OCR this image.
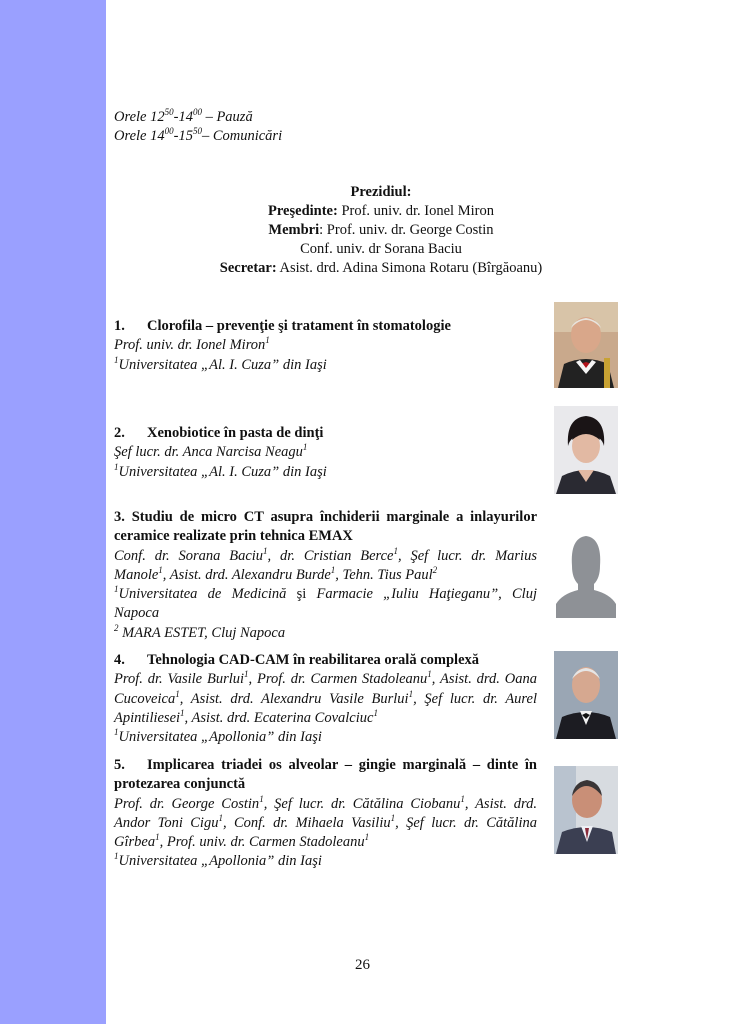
Orele $12^{50}-14^{00}$ – Pauză
Orele $14^{00}-15^{50}-$ Comunicări
Prezidiul:
Preşedinte: Prof. univ. dr. Ionel Miron
Membri: Prof. univ. dr. George Costin
Conf. univ. dr Sorana Baciu
Secretar: Asist. drd. Adina Simona Rotaru (Bîrgăoanu)
1. Clorofila – prevenţie şi tratament în stomatologie
Prof. univ. dr. Ionel Miron$^1$
$^1$Universitatea „Al. I. Cuza” din Iaşi
2. Xenobiotice în pasta de dinţi
Şef lucr. dr. Anca Narcisa Neagu$^1$
$^1$Universitatea „Al. I. Cuza” din Iaşi
3. Studiu de micro CT asupra închiderii marginale a inlayurilor ceramice realizate prin tehnica EMAX
Conf. dr. Sorana Baciu$^1$, dr. Cristian Berce$^1$, Şef lucr. dr. Marius Manole$^1$, Asist. drd. Alexandru Burde$^1$, Tehn. Tius Paul$^2$
$^1$Universitatea de Medicină şi Farmacie „Iuliu Haţieganu”, Cluj Napoca
$^2$ MARA ESTET, Cluj Napoca
4. Tehnologia CAD-CAM în reabilitarea orală complexă
Prof. dr. Vasile Burlui$^1$, Prof. dr. Carmen Stadoleanu$^1$, Asist. drd. Oana Cucoveica$^1$, Asist. drd. Alexandru Vasile Burlui$^1$, Şef lucr. dr. Aurel Apintiliesei$^1$, Asist. drd. Ecaterina Covalciuc$^1$
$^1$Universitatea „Apollonia” din Iaşi
5. Implicarea triadei os alveolar – gingie marginală – dinte în protezarea conjunctă
Prof. dr. George Costin$^1$, Şef lucr. dr. Cătălina Ciobanu$^1$, Asist. drd. Andor Toni Cigu$^1$, Conf. dr. Mihaela Vasiliu$^1$, Şef lucr. dr. Cătălina Gîrbea$^1$, Prof. univ. dr. Carmen Stadoleanu$^1$
$^1$Universitatea „Apollonia” din Iaşi
26
